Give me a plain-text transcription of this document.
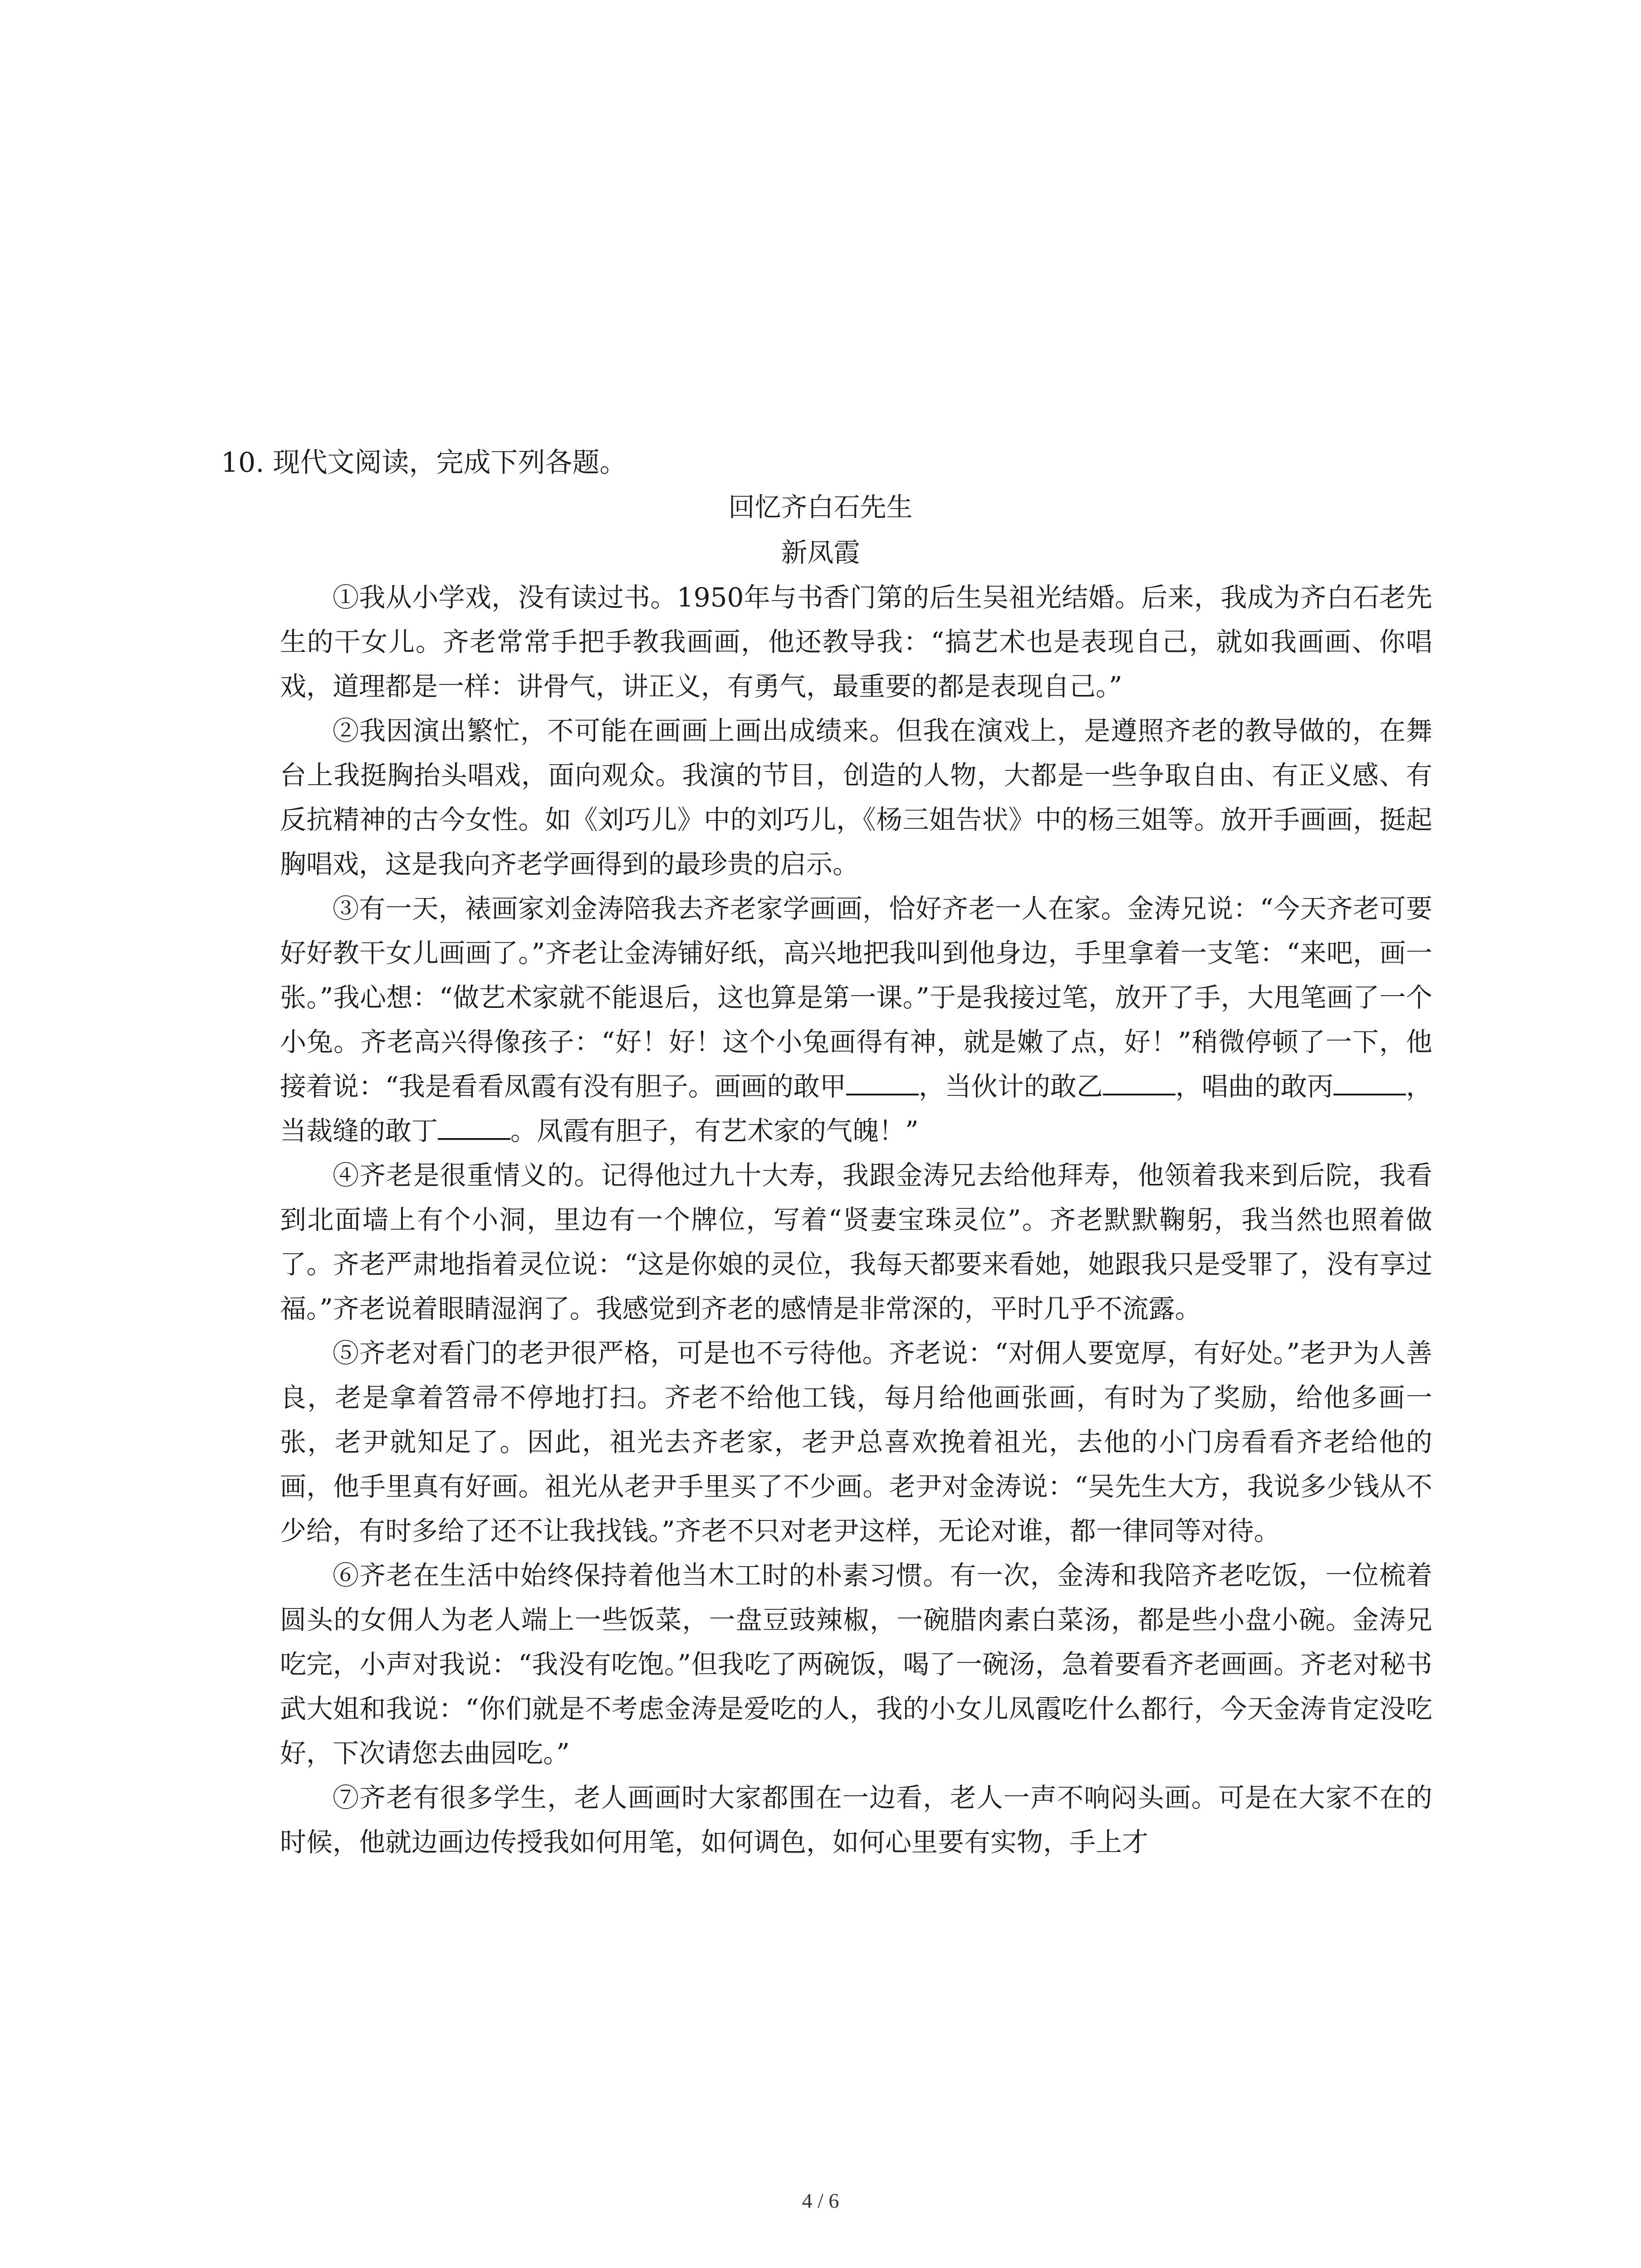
10. 现代文阅读，完成下列各题。
回忆齐白石先生
新凤霞

①我从小学戏，没有读过书。1950年与书香门第的后生吴祖光结婚。后来，我成为齐白石老先生的干女儿。齐老常常手把手教我画画，他还教导我：“搞艺术也是表现自己，就如我画画、你唱戏，道理都是一样：讲骨气，讲正义，有勇气，最重要的都是表现自己。”

②我因演出繁忙，不可能在画画上画出成绩来。但我在演戏上，是遵照齐老的教导做的，在舞台上我挺胸抬头唱戏，面向观众。我演的节目，创造的人物，大都是一些争取自由、有正义感、有反抗精神的古今女性。如《刘巧儿》中的刘巧儿，《杨三姐告状》中的杨三姐等。放开手画画，挺起胸唱戏，这是我向齐老学画得到的最珍贵的启示。

③有一天，裱画家刘金涛陪我去齐老家学画画，恰好齐老一人在家。金涛兄说：“今天齐老可要好好教干女儿画画了。”齐老让金涛铺好纸，高兴地把我叫到他身边，手里拿着一支笔：“来吧，画一张。”我心想：“做艺术家就不能退后，这也算是第一课。”于是我接过笔，放开了手，大甩笔画了一个小兔。齐老高兴得像孩子：“好！好！这个小兔画得有神，就是嫩了点，好！”稍微停顿了一下，他接着说：“我是看看凤霞有没有胆子。画画的敢甲	，当伙计的敢乙	，唱曲的敢丙	，当裁缝的敢丁	。凤霞有胆子，有艺术家的气魄！”

④齐老是很重情义的。记得他过九十大寿，我跟金涛兄去给他拜寿，他领着我来到后院，我看到北面墙上有个小洞，里边有一个牌位，写着“贤妻宝珠灵位”。齐老默默鞠躬，我当然也照着做了。齐老严肃地指着灵位说：“这是你娘的灵位，我每天都要来看她，她跟我只是受罪了，没有享过福。”齐老说着眼睛湿润了。我感觉到齐老的感情是非常深的，平时几乎不流露。

⑤齐老对看门的老尹很严格，可是也不亏待他。齐老说：“对佣人要宽厚，有好处。”老尹为人善良，老是拿着笤帚不停地打扫。齐老不给他工钱，每月给他画张画，有时为了奖励，给他多画一张，老尹就知足了。因此，祖光去齐老家，老尹总喜欢挽着祖光，去他的小门房看看齐老给他的画，他手里真有好画。祖光从老尹手里买了不少画。老尹对金涛说：“吴先生大方，我说多少钱从不少给，有时多给了还不让我找钱。”齐老不只对老尹这样，无论对谁，都一律同等对待。

⑥齐老在生活中始终保持着他当木工时的朴素习惯。有一次，金涛和我陪齐老吃饭，一位梳着圆头的女佣人为老人端上一些饭菜，一盘豆豉辣椒，一碗腊肉素白菜汤，都是些小盘小碗。金涛兄吃完，小声对我说：“我没有吃饱。”但我吃了两碗饭，喝了一碗汤，急着要看齐老画画。齐老对秘书武大姐和我说：“你们就是不考虑金涛是爱吃的人，我的小女儿凤霞吃什么都行，今天金涛肯定没吃好，下次请您去曲园吃。”

⑦齐老有很多学生，老人画画时大家都围在一边看，老人一声不响闷头画。可是在大家不在的时候，他就边画边传授我如何用笔，如何调色，如何心里要有实物，手上才

4 / 6
